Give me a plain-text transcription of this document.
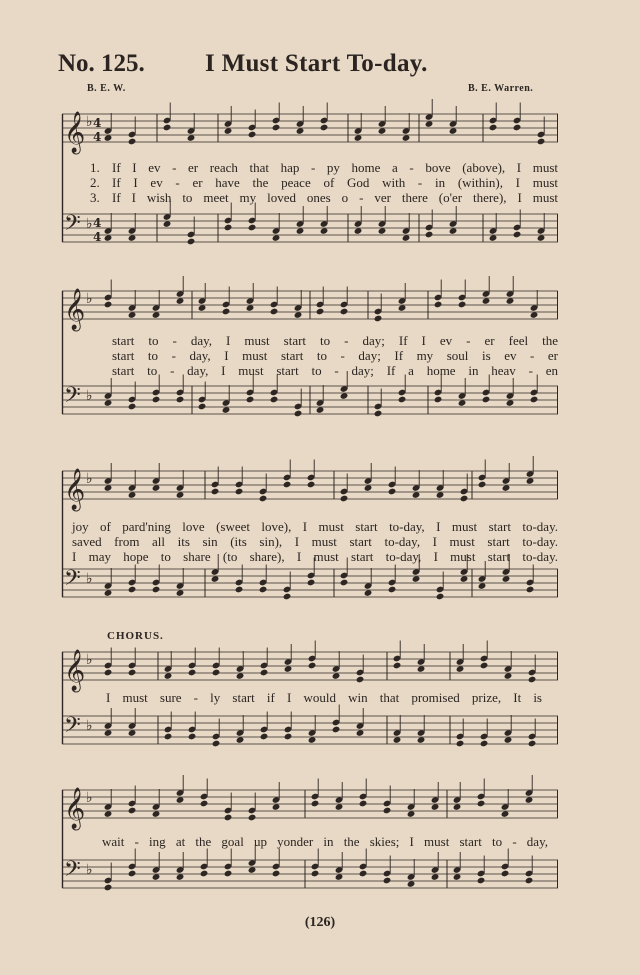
No. 125. I Must Start To-day.
B. E. W.	B. E. Warren.
𝄞 ♭
𝄢 ♭
4
4
4
4
1. If I ev - er reach that hap - py home a - bove (above), I must
2. If I ev - er have the peace of God with - in (within), I must
3. If I wish to meet my loved ones o - ver there (o'er there), I must
𝄞 ♭
𝄢 ♭
start to - day, I must start to - day; If I ev - er feel the
start to - day, I must start to - day; If my soul is ev - er
start to - day, I must start to - day; If a home in heav - en
𝄞 ♭
𝄢 ♭
joy of pard'ning love (sweet love), I must start to-day, I must start to-day.
saved from all its sin (its sin), I must start to-day, I must start to-day.
I may hope to share (to share), I must start to-day, I must start to-day.
CHORUS.
𝄞 ♭
𝄢 ♭
I must sure - ly start if I would win that promised prize, It is
𝄞 ♭
𝄢 ♭
wait - ing at the goal up yonder in the skies; I must start to - day,
(126)
